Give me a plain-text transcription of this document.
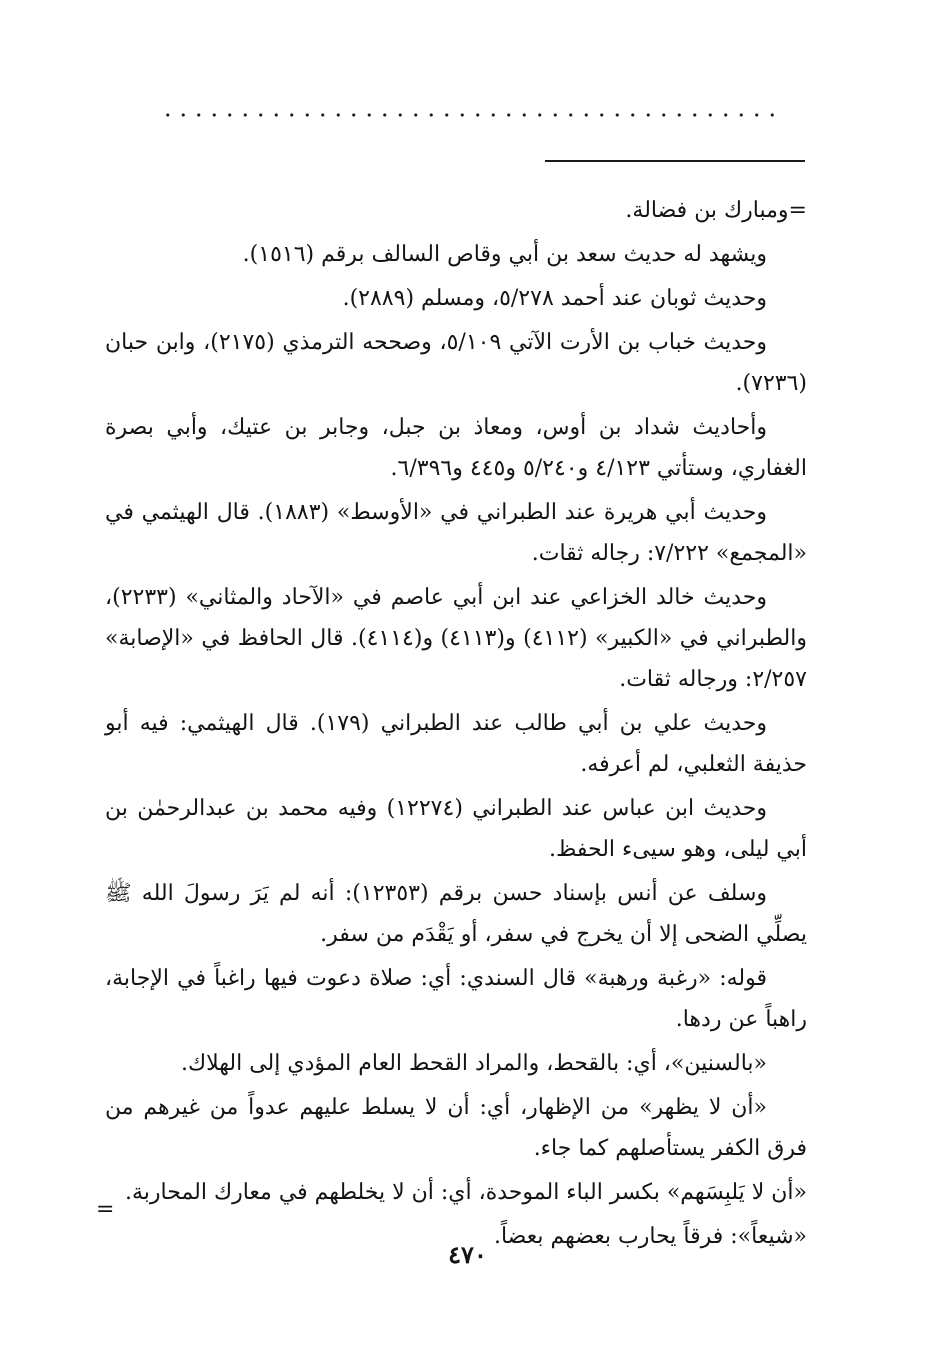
=ومبارك بن فضالة.

ويشهد له حديث سعد بن أبي وقاص السالف برقم (١٥١٦).

وحديث ثوبان عند أحمد ٥/٢٧٨، ومسلم (٢٨٨٩).

وحديث خباب بن الأرت الآتي ٥/١٠٩، وصححه الترمذي (٢١٧٥)، وابن حبان (٧٢٣٦).

وأحاديث شداد بن أوس، ومعاذ بن جبل، وجابر بن عتيك، وأبي بصرة الغفاري، وستأتي ٤/١٢٣ و٥/٢٤٠ و٤٤٥ و٦/٣٩٦.

وحديث أبي هريرة عند الطبراني في «الأوسط» (١٨٨٣). قال الهيثمي في «المجمع» ٧/٢٢٢: رجاله ثقات.

وحديث خالد الخزاعي عند ابن أبي عاصم في «الآحاد والمثاني» (٢٢٣٣)، والطبراني في «الكبير» (٤١١٢) و(٤١١٣) و(٤١١٤). قال الحافظ في «الإصابة» ٢/٢٥٧: ورجاله ثقات.

وحديث علي بن أبي طالب عند الطبراني (١٧٩). قال الهيثمي: فيه أبو حذيفة الثعلبي، لم أعرفه.

وحديث ابن عباس عند الطبراني (١٢٢٧٤) وفيه محمد بن عبدالرحمٰن بن أبي ليلى، وهو سيىء الحفظ.

وسلف عن أنس بإسناد حسن برقم (١٢٣٥٣): أنه لم يَرَ رسولَ الله ﷺ يصلِّي الضحى إلا أن يخرج في سفر، أو يَقْدَم من سفر.

قوله: «رغبة ورهبة» قال السندي: أي: صلاة دعوت فيها راغباً في الإجابة، راهباً عن ردها.

«بالسنين»، أي: بالقحط، والمراد القحط العام المؤدي إلى الهلاك.

«أن لا يظهر» من الإظهار، أي: أن لا يسلط عليهم عدواً من غيرهم من فرق الكفر يستأصلهم كما جاء.

«أن لا يَلبِسَهم» بكسر الباء الموحدة، أي: أن لا يخلطهم في معارك المحاربة.

«شيعاً»: فرقاً يحارب بعضهم بعضاً.

=
٤٧٠
